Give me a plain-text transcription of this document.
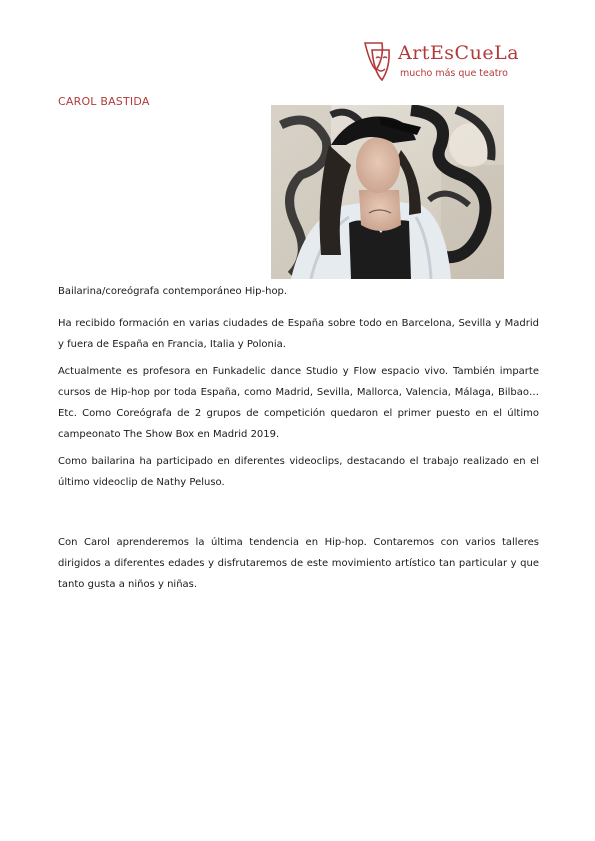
ArtEsCueLa
mucho más que teatro
CAROL BASTIDA

Bailarina/coreógrafa contemporáneo Hip-hop.

Ha recibido formación en varias ciudades de España sobre todo en Barcelona, Sevilla y Madrid y fuera de España en Francia, Italia y Polonia.

Actualmente es profesora en Funkadelic dance Studio y Flow espacio vivo. También imparte cursos de Hip-hop por toda España, como Madrid, Sevilla, Mallorca, Valencia, Málaga, Bilbao… Etc. Como Coreógrafa de 2 grupos de competición quedaron el primer puesto en el último campeonato The Show Box en Madrid 2019.

Como bailarina ha participado en diferentes videoclips, destacando el trabajo realizado en el último videoclip de Nathy Peluso.

Con Carol aprenderemos la última tendencia en Hip-hop. Contaremos con varios talleres dirigidos a diferentes edades y disfrutaremos de este movimiento artístico tan particular y que tanto gusta a niños y niñas.
